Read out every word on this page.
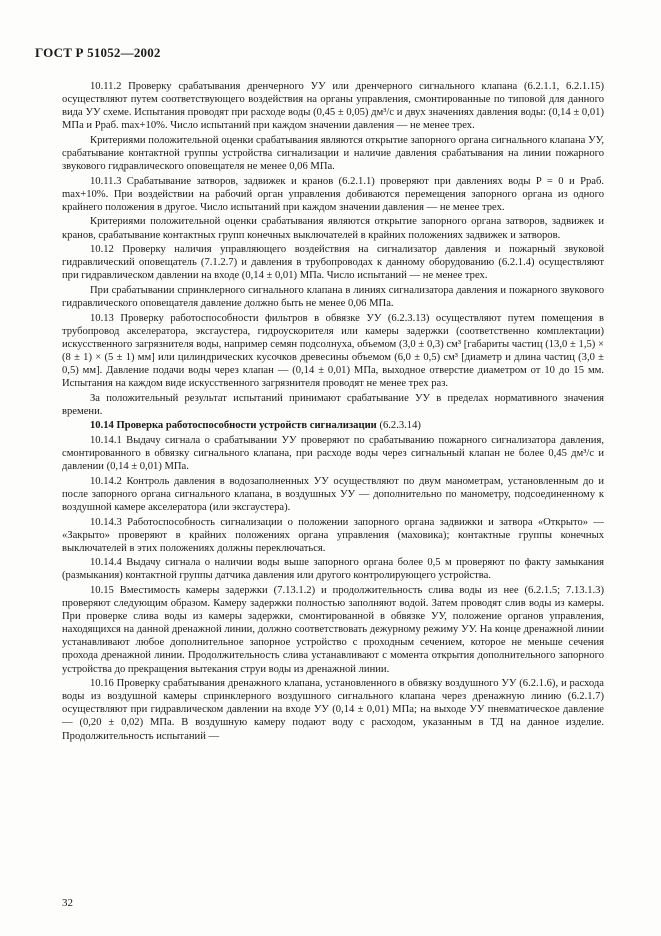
ГОСТ Р 51052—2002

10.11.2 Проверку срабатывания дренчерного УУ или дренчерного сигнального клапана (6.2.1.1, 6.2.1.15) осуществляют путем соответствующего воздействия на органы управления, смонтированные по типовой для данного вида УУ схеме. Испытания проводят при расходе воды (0,45 ± 0,05) дм³/с и двух значениях давления воды: (0,14 ± 0,01) МПа и Pраб. max+10%. Число испытаний при каждом значении давления — не менее трех.

Критериями положительной оценки срабатывания являются открытие запорного органа сигнального клапана УУ, срабатывание контактной группы устройства сигнализации и наличие давления срабатывания на линии пожарного звукового гидравлического оповещателя не менее 0,06 МПа.

10.11.3 Срабатывание затворов, задвижек и кранов (6.2.1.1) проверяют при давлениях воды P = 0 и Pраб. max+10%. При воздействии на рабочий орган управления добиваются перемещения запорного органа из одного крайнего положения в другое. Число испытаний при каждом значении давления — не менее трех.

Критериями положительной оценки срабатывания являются открытие запорного органа затворов, задвижек и кранов, срабатывание контактных групп конечных выключателей в крайних положениях задвижек и затворов.

10.12 Проверку наличия управляющего воздействия на сигнализатор давления и пожарный звуковой гидравлический оповещатель (7.1.2.7) и давления в трубопроводах к данному оборудованию (6.2.1.4) осуществляют при гидравлическом давлении на входе (0,14 ± 0,01) МПа. Число испытаний — не менее трех.

При срабатывании спринклерного сигнального клапана в линиях сигнализатора давления и пожарного звукового гидравлического оповещателя давление должно быть не менее 0,06 МПа.

10.13 Проверку работоспособности фильтров в обвязке УУ (6.2.3.13) осуществляют путем помещения в трубопровод акселератора, эксгаустера, гидроускорителя или камеры задержки (соответственно комплектации) искусственного загрязнителя воды, например семян подсолнуха, объемом (3,0 ± 0,3) см³ [габариты частиц (13,0 ± 1,5) × (8 ± 1) × (5 ± 1) мм] или цилиндрических кусочков древесины объемом (6,0 ± 0,5) см³ [диаметр и длина частиц (3,0 ± 0,5) мм]. Давление подачи воды через клапан — (0,14 ± 0,01) МПа, выходное отверстие диаметром от 10 до 15 мм. Испытания на каждом виде искусственного загрязнителя проводят не менее трех раз.

За положительный результат испытаний принимают срабатывание УУ в пределах нормативного значения времени.

10.14 Проверка работоспособности устройств сигнализации (6.2.3.14)

10.14.1 Выдачу сигнала о срабатывании УУ проверяют по срабатыванию пожарного сигнализатора давления, смонтированного в обвязку сигнального клапана, при расходе воды через сигнальный клапан не более 0,45 дм³/с и давлении (0,14 ± 0,01) МПа.

10.14.2 Контроль давления в водозаполненных УУ осуществляют по двум манометрам, установленным до и после запорного органа сигнального клапана, в воздушных УУ — дополнительно по манометру, подсоединенному к воздушной камере акселератора (или эксгаустера).

10.14.3 Работоспособность сигнализации о положении запорного органа задвижки и затвора «Открыто» — «Закрыто» проверяют в крайних положениях органа управления (маховика); контактные группы конечных выключателей в этих положениях должны переключаться.

10.14.4 Выдачу сигнала о наличии воды выше запорного органа более 0,5 м проверяют по факту замыкания (размыкания) контактной группы датчика давления или другого контролирующего устройства.

10.15 Вместимость камеры задержки (7.13.1.2) и продолжительность слива воды из нее (6.2.1.5; 7.13.1.3) проверяют следующим образом. Камеру задержки полностью заполняют водой. Затем проводят слив воды из камеры. При проверке слива воды из камеры задержки, смонтированной в обвязке УУ, положение органов управления, находящихся на данной дренажной линии, должно соответствовать дежурному режиму УУ. На конце дренажной линии устанавливают любое дополнительное запорное устройство с проходным сечением, которое не меньше сечения прохода дренажной линии. Продолжительность слива устанавливают с момента открытия дополнительного запорного устройства до прекращения вытекания струи воды из дренажной линии.

10.16 Проверку срабатывания дренажного клапана, установленного в обвязку воздушного УУ (6.2.1.6), и расхода воды из воздушной камеры спринклерного воздушного сигнального клапана через дренажную линию (6.2.1.7) осуществляют при гидравлическом давлении на входе УУ (0,14 ± 0,01) МПа; на выходе УУ пневматическое давление — (0,20 ± 0,02) МПа. В воздушную камеру подают воду с расходом, указанным в ТД на данное изделие. Продолжительность испытаний —

32
